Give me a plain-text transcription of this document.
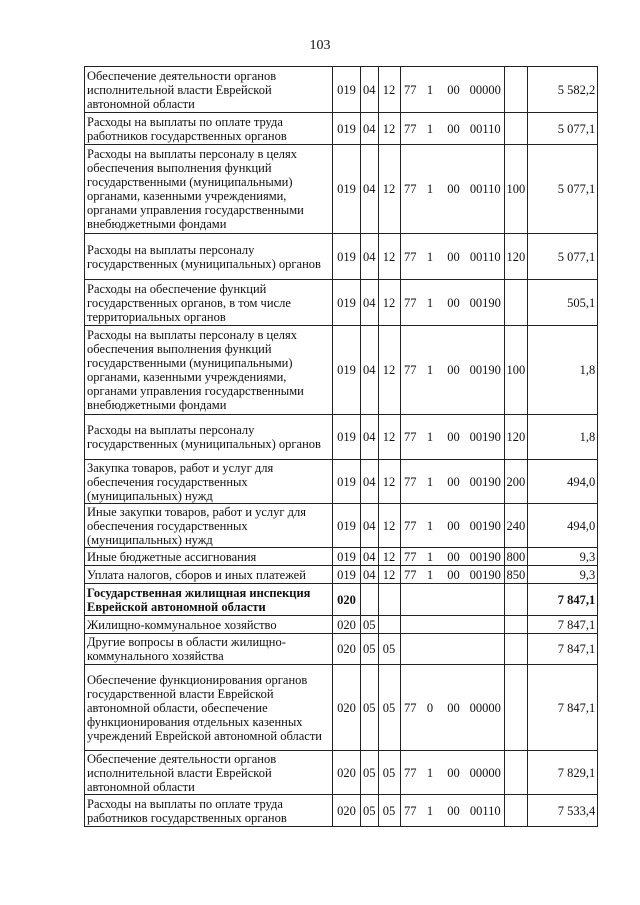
103
Обеспечение деятельности органов исполнительной власти Еврейской автономной области	019	04	12	77	1	00	00000		5 582,2
Расходы на выплаты по оплате труда работников государственных органов	019	04	12	77	1	00	00110		5 077,1
Расходы на выплаты персоналу в целях обеспечения выполнения функций государственными (муниципальными) органами, казенными учреждениями, органами управления государственными внебюджетными фондами	019	04	12	77	1	00	00110	100	5 077,1
Расходы на выплаты персоналу государственных (муниципальных) органов	019	04	12	77	1	00	00110	120	5 077,1
Расходы на обеспечение функций государственных органов, в том числе территориальных органов	019	04	12	77	1	00	00190		505,1
Расходы на выплаты персоналу в целях обеспечения выполнения функций государственными (муниципальными) органами, казенными учреждениями, органами управления государственными внебюджетными фондами	019	04	12	77	1	00	00190	100	1,8
Расходы на выплаты персоналу государственных (муниципальных) органов	019	04	12	77	1	00	00190	120	1,8
Закупка товаров, работ и услуг для обеспечения государственных (муниципальных) нужд	019	04	12	77	1	00	00190	200	494,0
Иные закупки товаров, работ и услуг для обеспечения государственных (муниципальных) нужд	019	04	12	77	1	00	00190	240	494,0
Иные бюджетные ассигнования	019	04	12	77	1	00	00190	800	9,3
Уплата налогов, сборов и иных платежей	019	04	12	77	1	00	00190	850	9,3
Государственная жилищная инспекция Еврейской автономной области	020								7 847,1
Жилищно-коммунальное хозяйство	020	05							7 847,1
Другие вопросы в области жилищно-коммунального хозяйства	020	05	05						7 847,1
Обеспечение функционирования органов государственной власти Еврейской автономной области, обеспечение функционирования отдельных казенных учреждений Еврейской автономной области	020	05	05	77	0	00	00000		7 847,1
Обеспечение деятельности органов исполнительной власти Еврейской автономной области	020	05	05	77	1	00	00000		7 829,1
Расходы на выплаты по оплате труда работников государственных органов	020	05	05	77	1	00	00110		7 533,4
